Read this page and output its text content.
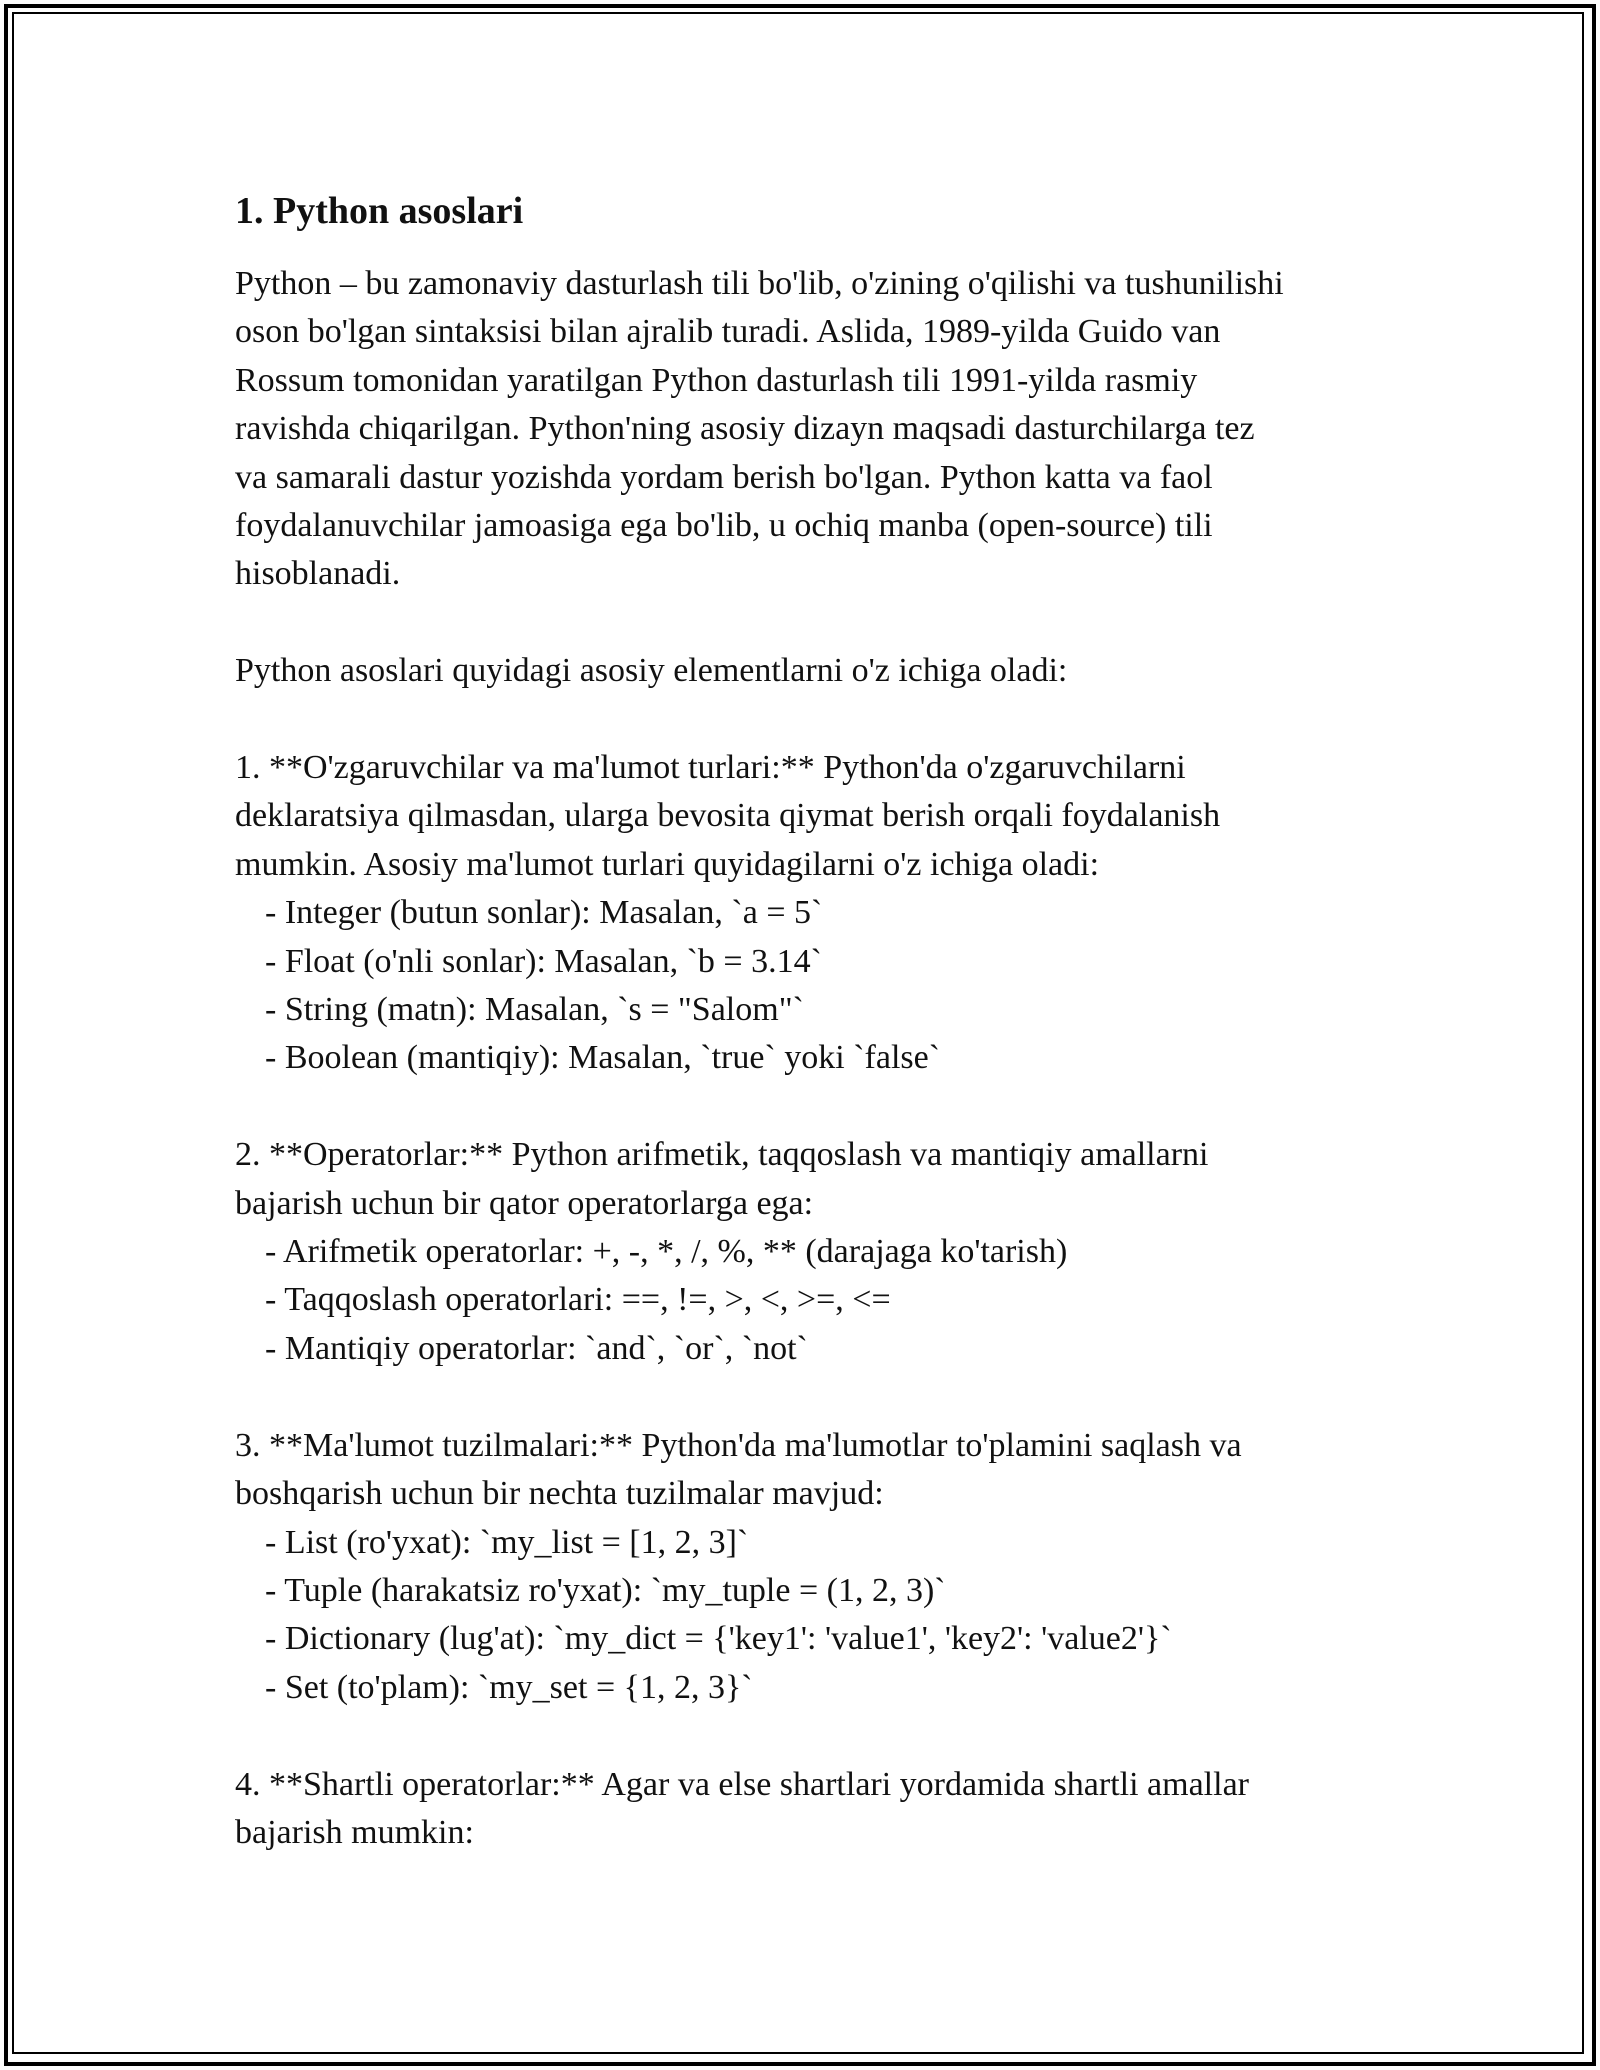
1. Python asoslari
Python – bu zamonaviy dasturlash tili bo'lib, o'zining o'qilishi va tushunilishi
oson bo'lgan sintaksisi bilan ajralib turadi. Aslida, 1989-yilda Guido van
Rossum tomonidan yaratilgan Python dasturlash tili 1991-yilda rasmiy
ravishda chiqarilgan. Python'ning asosiy dizayn maqsadi dasturchilarga tez
va samarali dastur yozishda yordam berish bo'lgan. Python katta va faol
foydalanuvchilar jamoasiga ega bo'lib, u ochiq manba (open-source) tili
hisoblanadi.
Python asoslari quyidagi asosiy elementlarni o'z ichiga oladi:
1. **O'zgaruvchilar va ma'lumot turlari:** Python'da o'zgaruvchilarni
deklaratsiya qilmasdan, ularga bevosita qiymat berish orqali foydalanish
mumkin. Asosiy ma'lumot turlari quyidagilarni o'z ichiga oladi:
- Integer (butun sonlar): Masalan, `a = 5`
- Float (o'nli sonlar): Masalan, `b = 3.14`
- String (matn): Masalan, `s = "Salom"`
- Boolean (mantiqiy): Masalan, `true` yoki `false`
2. **Operatorlar:** Python arifmetik, taqqoslash va mantiqiy amallarni
bajarish uchun bir qator operatorlarga ega:
- Arifmetik operatorlar: +, -, *, /, %, ** (darajaga ko'tarish)
- Taqqoslash operatorlari: ==, !=, >, <, >=, <=
- Mantiqiy operatorlar: `and`, `or`, `not`
3. **Ma'lumot tuzilmalari:** Python'da ma'lumotlar to'plamini saqlash va
boshqarish uchun bir nechta tuzilmalar mavjud:
- List (ro'yxat): `my_list = [1, 2, 3]`
- Tuple (harakatsiz ro'yxat): `my_tuple = (1, 2, 3)`
- Dictionary (lug'at): `my_dict = {'key1': 'value1', 'key2': 'value2'}`
- Set (to'plam): `my_set = {1, 2, 3}`
4. **Shartli operatorlar:** Agar va else shartlari yordamida shartli amallar
bajarish mumkin:
